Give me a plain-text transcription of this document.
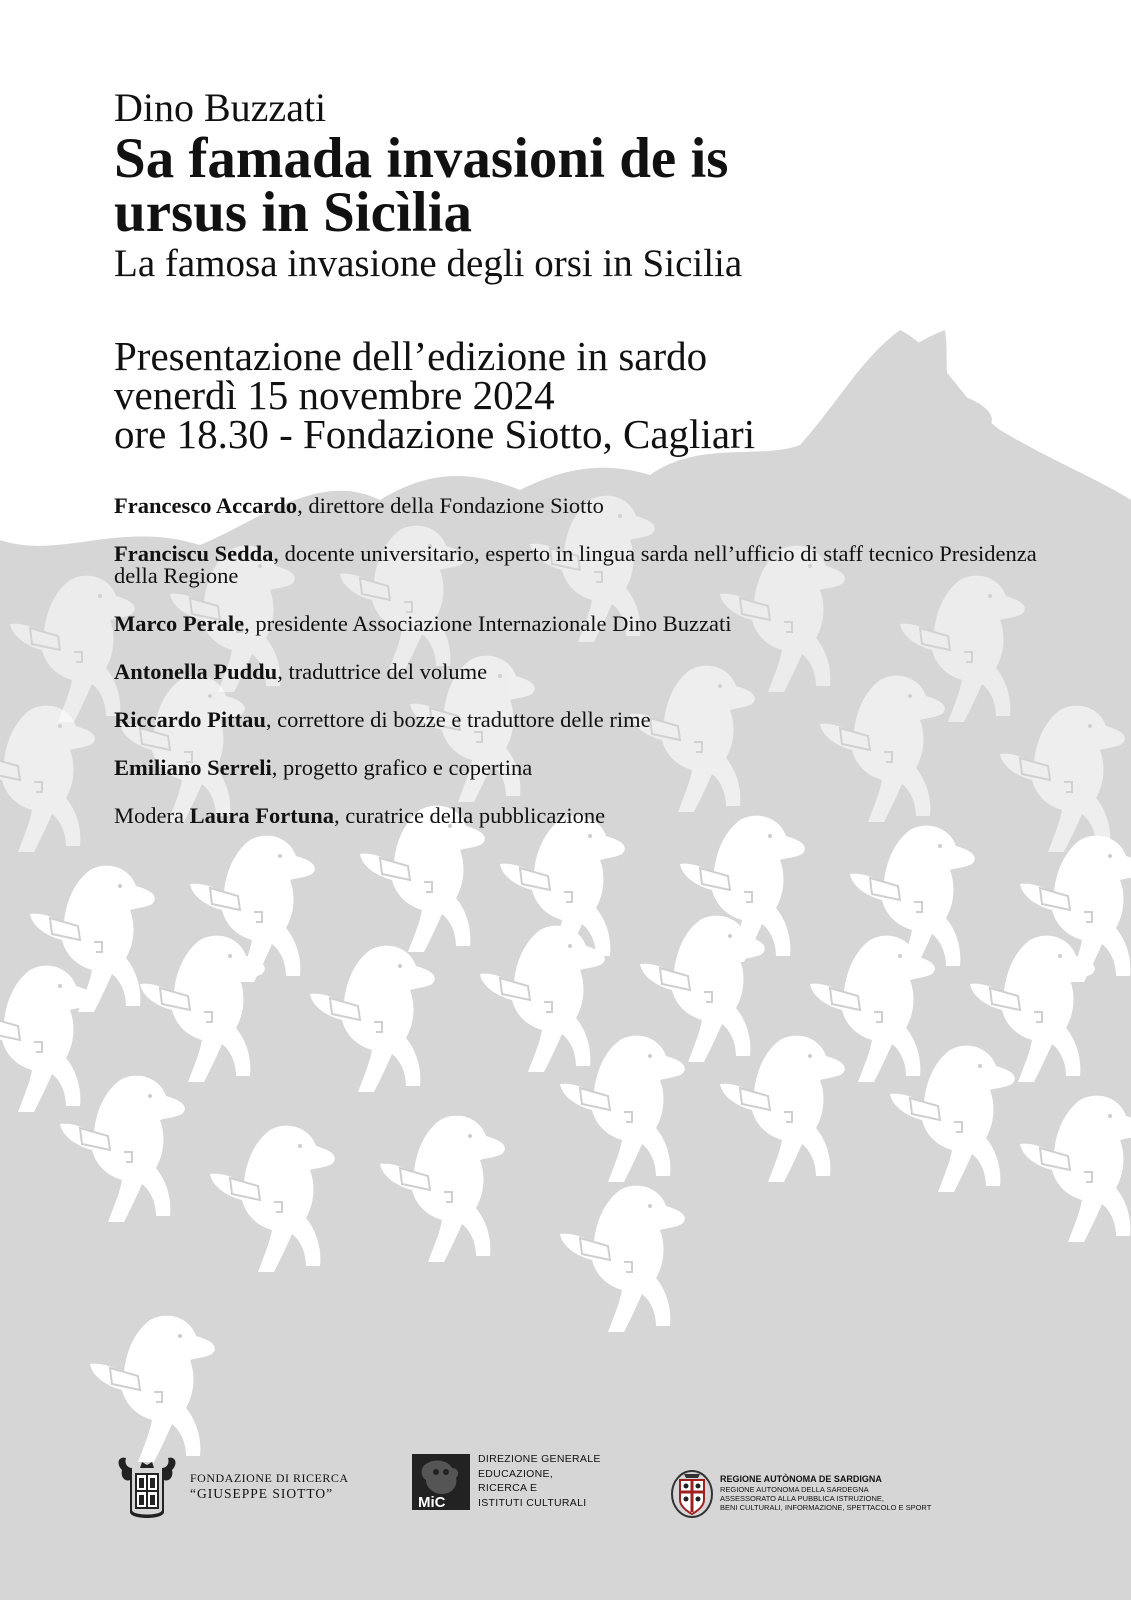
Dino Buzzati
Sa famada invasioni de is ursus in Sicìlia
La famosa invasione degli orsi in Sicilia
Presentazione dell’edizione in sardo
venerdì 15 novembre 2024
ore 18.30 - Fondazione Siotto, Cagliari
Francesco Accardo, direttore della Fondazione Siotto
Franciscu Sedda, docente universitario, esperto in lingua sarda nell’ufficio di staff tecnico Presidenza della Regione
Marco Perale, presidente Associazione Internazionale Dino Buzzati
Antonella Puddu, traduttrice del volume
Riccardo Pittau, correttore di bozze e traduttore delle rime
Emiliano Serreli, progetto grafico e copertina
Modera Laura Fortuna, curatrice della pubblicazione
FONDAZIONE DI RICERCA
“GIUSEPPE SIOTTO”
MiC
DIREZIONE GENERALE
EDUCAZIONE,
RICERCA E
ISTITUTI CULTURALI
REGIONE AUTÒNOMA DE SARDIGNA
REGIONE AUTONOMA DELLA SARDEGNA
ASSESSORATO ALLA PUBBLICA ISTRUZIONE,
BENI CULTURALI, INFORMAZIONE, SPETTACOLO E SPORT
